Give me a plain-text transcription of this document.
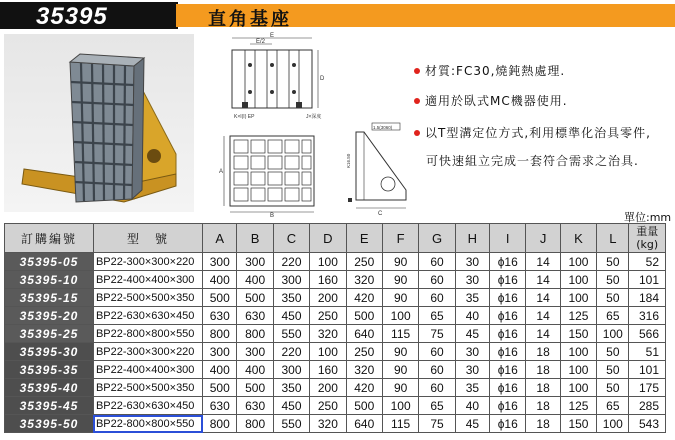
35395	直角基座
E
E/2
D
K×I(I) EP	J×深度
A
B
1.5(3060)
K16.50
C
材質:FC30,燒鈍熱處理.
適用於臥式MC機器使用.
以T型溝定位方式,利用標準化治具零件,
可快速組立完成一套符合需求之治具.
單位:mm
訂購編號	型　號	A	B	C	D	E	F	G	H	I	J	K	L	重量
(kg)
35395-05	BP22-300×300×220	300	300	220	100	250	90	60	30	ϕ16	14	100	50	52
35395-10	BP22-400×400×300	400	400	300	160	320	90	60	30	ϕ16	14	100	50	101
35395-15	BP22-500×500×350	500	500	350	200	420	90	60	35	ϕ16	14	100	50	184
35395-20	BP22-630×630×450	630	630	450	250	500	100	65	40	ϕ16	14	125	65	316
35395-25	BP22-800×800×550	800	800	550	320	640	115	75	45	ϕ16	14	150	100	566
35395-30	BP22-300×300×220	300	300	220	100	250	90	60	30	ϕ16	18	100	50	51
35395-35	BP22-400×400×300	400	400	300	160	320	90	60	30	ϕ16	18	100	50	101
35395-40	BP22-500×500×350	500	500	350	200	420	90	60	35	ϕ16	18	100	50	175
35395-45	BP22-630×630×450	630	630	450	250	500	100	65	40	ϕ16	18	125	65	285
35395-50	BP22-800×800×550	800	800	550	320	640	115	75	45	ϕ16	18	150	100	543
